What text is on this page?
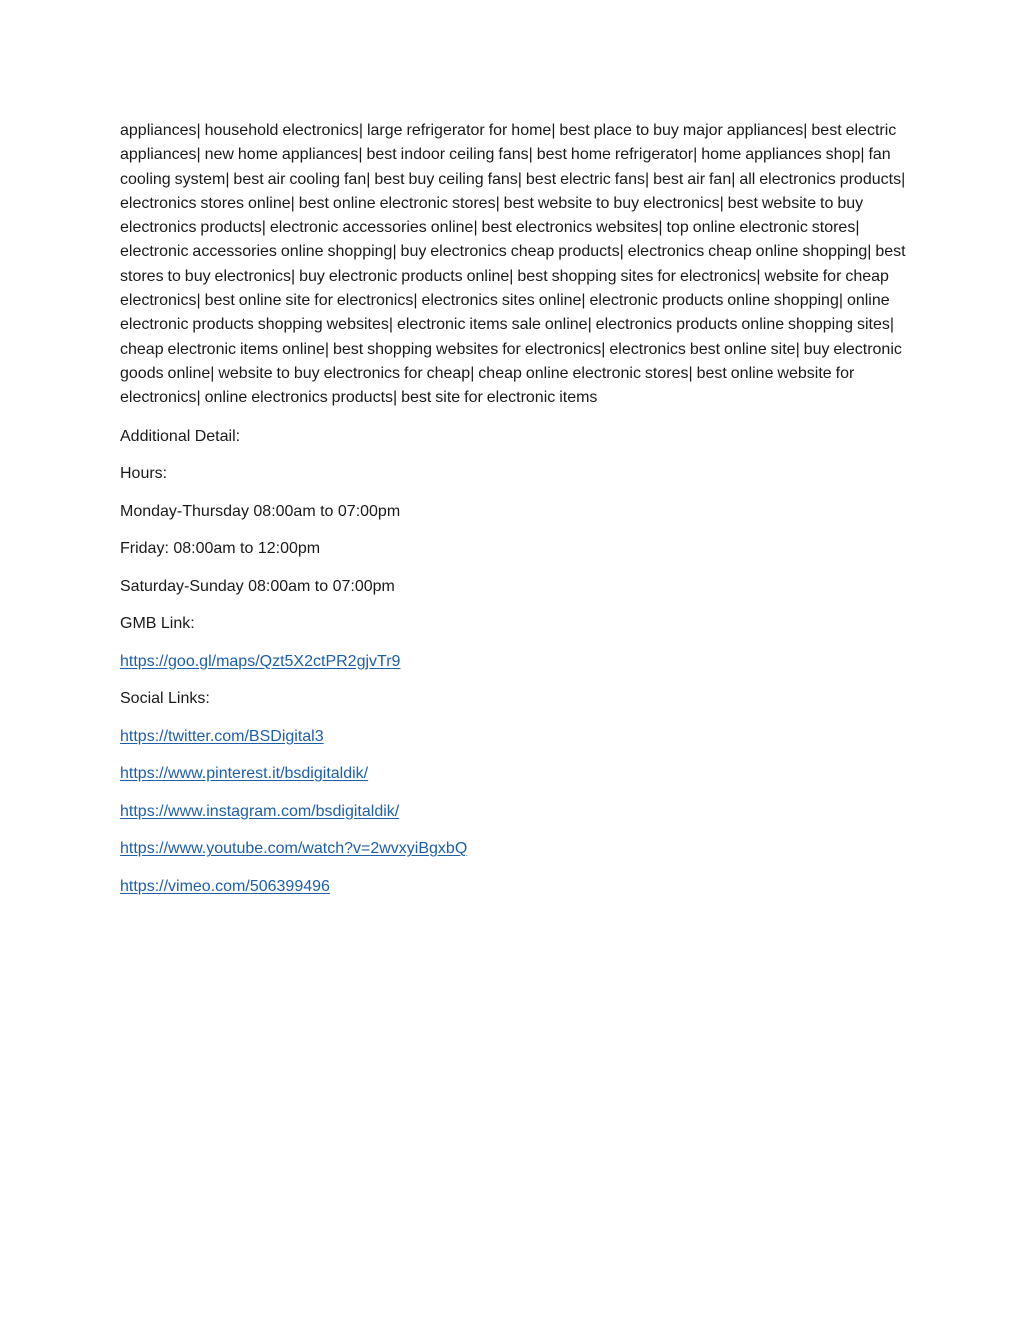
appliances| household electronics| large refrigerator for home| best place to buy major appliances| best electric appliances| new home appliances| best indoor ceiling fans| best home refrigerator| home appliances shop| fan cooling system| best air cooling fan| best buy ceiling fans| best electric fans| best air fan| all electronics products| electronics stores online| best online electronic stores| best website to buy electronics| best website to buy electronics products| electronic accessories online| best electronics websites| top online electronic stores| electronic accessories online shopping| buy electronics cheap products| electronics cheap online shopping| best stores to buy electronics| buy electronic products online| best shopping sites for electronics| website for cheap electronics| best online site for electronics| electronics sites online| electronic products online shopping| online electronic products shopping websites| electronic items sale online| electronics products online shopping sites| cheap electronic items online| best shopping websites for electronics| electronics best online site| buy electronic goods online| website to buy electronics for cheap| cheap online electronic stores| best online website for electronics| online electronics products| best site for electronic items

Additional Detail:

Hours:

Monday-Thursday 08:00am to 07:00pm

Friday: 08:00am to 12:00pm

Saturday-Sunday 08:00am to 07:00pm

GMB Link:

https://goo.gl/maps/Qzt5X2ctPR2gjvTr9

Social Links:

https://twitter.com/BSDigital3

https://www.pinterest.it/bsdigitaldik/

https://www.instagram.com/bsdigitaldik/

https://www.youtube.com/watch?v=2wvxyiBgxbQ

https://vimeo.com/506399496
